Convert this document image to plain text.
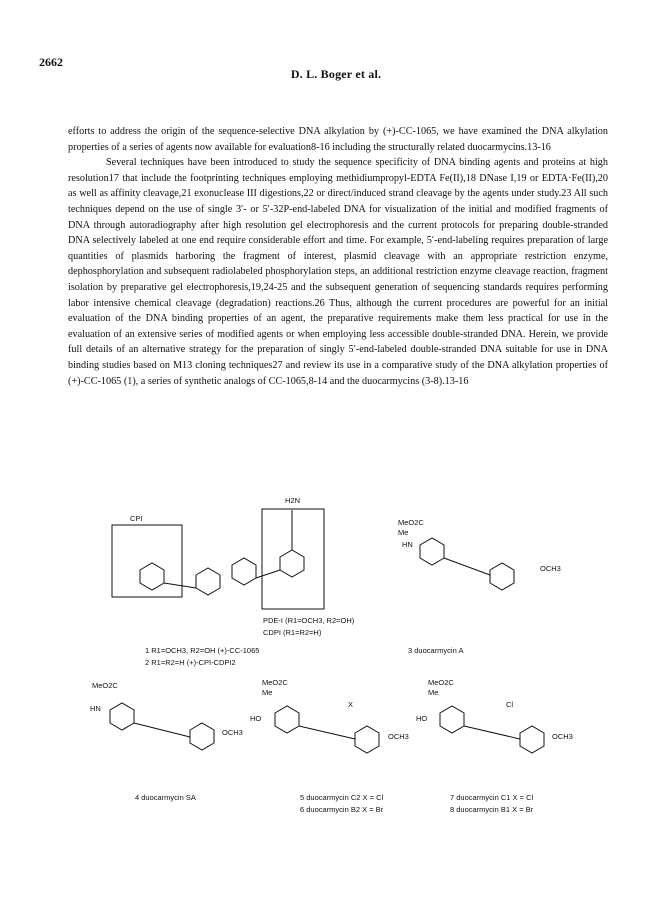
2662
D. L. Boger et al.

efforts to address the origin of the sequence-selective DNA alkylation by (+)-CC-1065, we have examined the DNA alkylation properties of a series of agents now available for evaluation8-16 including the structurally related duocarmycins.13-16

Several techniques have been introduced to study the sequence specificity of DNA binding agents and proteins at high resolution17 that include the footprinting techniques employing methidiumpropyl-EDTA Fe(II),18 DNase I,19 or EDTA·Fe(II),20 as well as affinity cleavage,21 exonuclease III digestions,22 or direct/induced strand cleavage by the agents under study.23 All such techniques depend on the use of single 3′- or 5′-32P-end-labeled DNA for visualization of the initial and modified fragments of DNA through autoradiography after high resolution gel electrophoresis and the current protocols for preparing double-stranded DNA selectively labeled at one end require considerable effort and time. For example, 5′-end-labeling requires preparation of large quantities of plasmids harboring the fragment of interest, plasmid cleavage with an appropriate restriction enzyme, dephosphorylation and subsequent radiolabeled phosphorylation steps, an additional restriction enzyme cleavage reaction, fragment isolation by preparative gel electrophoresis,19,24-25 and the subsequent generation of sequencing standards requires performing labor intensive chemical cleavage (degradation) reactions.26 Thus, although the current procedures are powerful for an initial evaluation of the DNA binding properties of an agent, the preparative requirements make them less practical for use in the evaluation of an extensive series of modified agents or when employing less accessible double-stranded DNA. Herein, we provide full details of an alternative strategy for the preparation of singly 5′-end-labeled double-stranded DNA suitable for use in DNA binding studies based on M13 cloning techniques27 and review its use in a comparative study of the DNA alkylation properties of (+)-CC-1065 (1), a series of synthetic analogs of CC-1065,8-14 and the duocarmycins (3-8).13-16

CPI
H2N
PDE-I (R1=OCH3, R2=OH)
CDPI (R1=R2=H)
1 R1=OCH3, R2=OH (+)-CC-1065
2 R1=R2=H (+)-CPI-CDPI2
MeO2C
Me
HN
OCH3
3 duocarmycin A
MeO2C
HN
OCH3
4 duocarmycin SA
MeO2C
Me
HO
X
OCH3
5 duocarmycin C2 X = Cl
6 duocarmycin B2 X = Br
MeO2C
Me
HO
Cl
OCH3
7 duocarmycin C1 X = Cl
8 duocarmycin B1 X = Br
